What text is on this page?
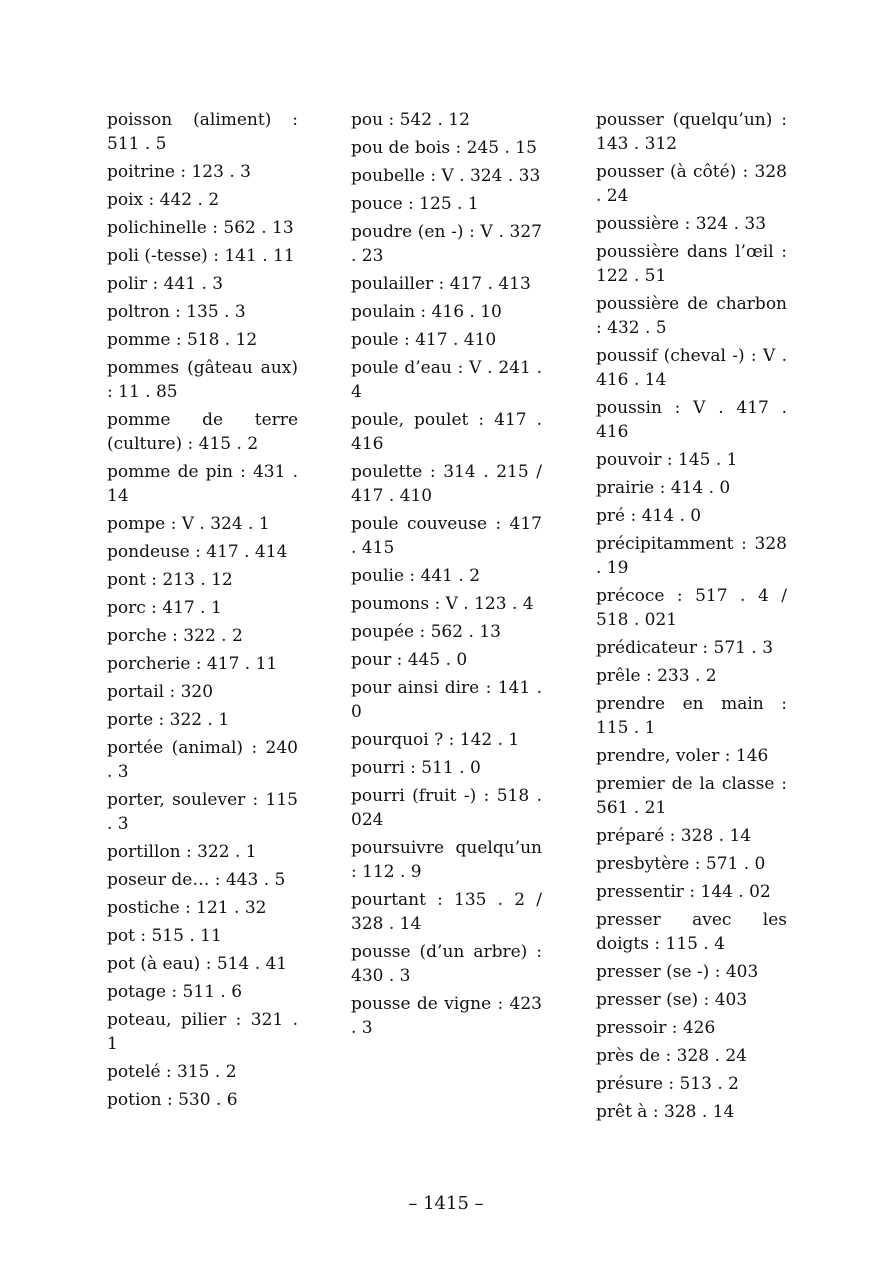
poisson (aliment) : 511 . 5
poitrine : 123 . 3
poix : 442 . 2
polichinelle : 562 . 13
poli (-tesse) : 141 . 11
polir : 441 . 3
poltron : 135 . 3
pomme : 518 . 12
pommes (gâteau aux) : 11 . 85
pomme de terre (culture) : 415 . 2
pomme de pin : 431 . 14
pompe : V . 324 . 1
pondeuse : 417 . 414
pont : 213 . 12
porc : 417 . 1
porche : 322 . 2
porcherie : 417 . 11
portail : 320
porte : 322 . 1
portée (animal) : 240 . 3
porter, soulever : 115 . 3
portillon : 322 . 1
poseur de… : 443 . 5
postiche : 121 . 32
pot : 515 . 11
pot (à eau) : 514 . 41
potage : 511 . 6
poteau, pilier : 321 . 1
potelé : 315 . 2
potion : 530 . 6
pou : 542 . 12
pou de bois : 245 . 15
poubelle : V . 324 . 33
pouce : 125 . 1
poudre (en -) : V . 327 . 23
poulailler : 417 . 413
poulain : 416 . 10
poule : 417 . 410
poule d’eau : V . 241 . 4
poule, poulet : 417 . 416
poulette : 314 . 215 / 417 . 410
poule couveuse : 417 . 415
poulie : 441 . 2
poumons : V . 123 . 4
poupée : 562 . 13
pour : 445 . 0
pour ainsi dire : 141 . 0
pourquoi ? : 142 . 1
pourri : 511 . 0
pourri (fruit -) : 518 . 024
poursuivre quelqu’un : 112 . 9
pourtant : 135 . 2 / 328 . 14
pousse (d’un arbre) : 430 . 3
pousse de vigne : 423 . 3
pousser (quelqu’un) : 143 . 312
pousser (à côté) : 328 . 24
poussière : 324 . 33
poussière dans l’œil : 122 . 51
poussière de charbon : 432 . 5
poussif (cheval -) : V . 416 . 14
poussin : V . 417 . 416
pouvoir : 145 . 1
prairie : 414 . 0
pré : 414 . 0
précipitamment : 328 . 19
précoce : 517 . 4 / 518 . 021
prédicateur : 571 . 3
prêle : 233 . 2
prendre en main : 115 . 1
prendre, voler : 146
premier de la classe : 561 . 21
préparé : 328 . 14
presbytère : 571 . 0
pressentir : 144 . 02
presser avec les doigts : 115 . 4
presser (se -) : 403
presser (se) : 403
pressoir : 426
près de : 328 . 24
présure : 513 . 2
prêt à : 328 . 14
– 1415 –
